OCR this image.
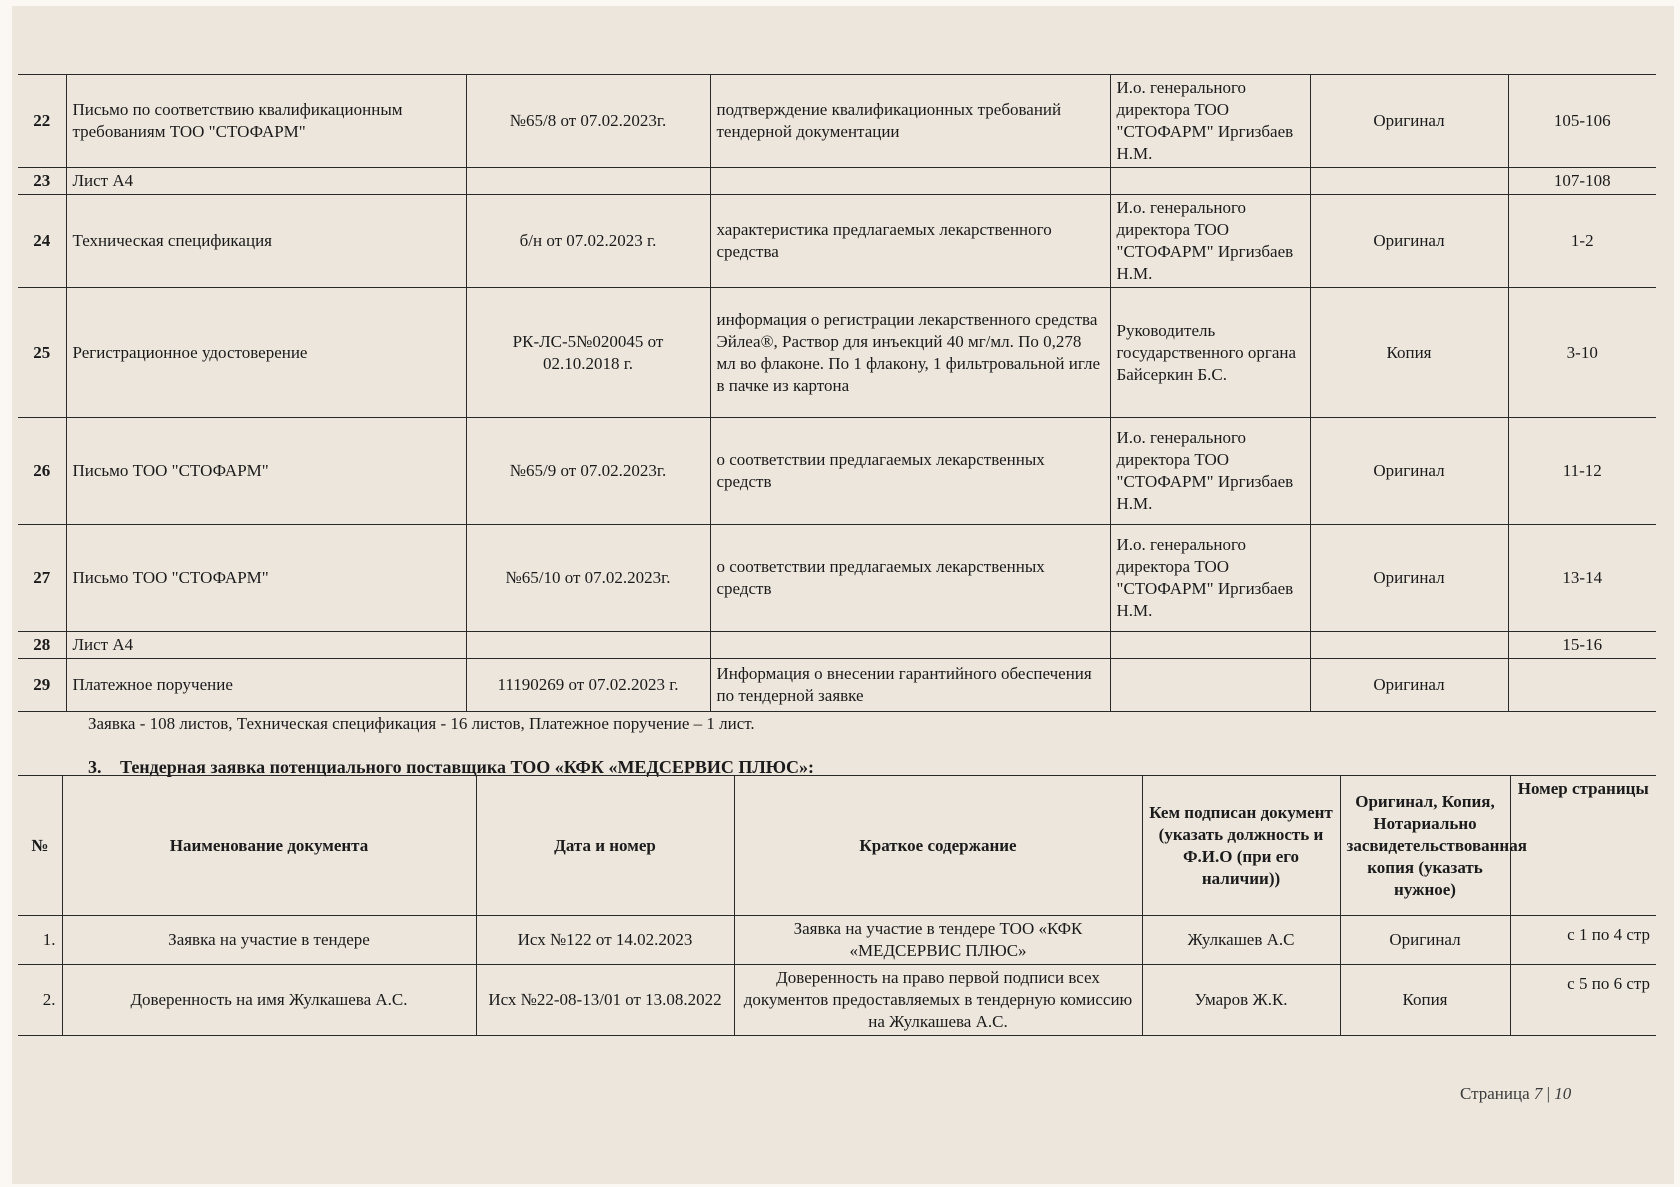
22	Письмо по соответствию квалификационным требованиям ТОО "СТОФАРМ"	№65/8 от 07.02.2023г.	подтверждение квалификационных требований тендерной документации	И.о. генерального директора ТОО "СТОФАРМ" Иргизбаев Н.М.	Оригинал	105-106
23	Лист А4					107-108
24	Техническая спецификация	б/н от 07.02.2023 г.	характеристика предлагаемых лекарственного средства	И.о. генерального директора ТОО "СТОФАРМ" Иргизбаев Н.М.	Оригинал	1-2
25	Регистрационное удостоверение	РК-ЛС-5№020045 от 02.10.2018 г.	информация о регистрации лекарственного средства Эйлеа®, Раствор для инъекций 40 мг/мл. По 0,278 мл во флаконе. По 1 флакону, 1 фильтровальной игле в пачке из картона	Руководитель государственного органа Байсеркин Б.С.	Копия	3-10
26	Письмо ТОО "СТОФАРМ"	№65/9 от 07.02.2023г.	о соответствии предлагаемых лекарственных средств	И.о. генерального директора ТОО "СТОФАРМ" Иргизбаев Н.М.	Оригинал	11-12
27	Письмо ТОО "СТОФАРМ"	№65/10 от 07.02.2023г.	о соответствии предлагаемых лекарственных средств	И.о. генерального директора ТОО "СТОФАРМ" Иргизбаев Н.М.	Оригинал	13-14
28	Лист А4					15-16
29	Платежное поручение	11190269 от 07.02.2023 г.	Информация о внесении гарантийного обеспечения по тендерной заявке		Оригинал	
Заявка - 108 листов, Техническая спецификация - 16 листов, Платежное поручение – 1 лист.
3. Тендерная заявка потенциального поставщика ТОО «КФК «МЕДСЕРВИС ПЛЮС»:
№	Наименование документа	Дата и номер	Краткое содержание	Кем подписан документ (указать должность и Ф.И.О (при его наличии))	Оригинал, Копия, Нотариально засвидетельствованная копия (указать нужное)	Номер страницы
1.	Заявка на участие в тендере	Исх №122 от 14.02.2023	Заявка на участие в тендере ТОО «КФК «МЕДСЕРВИС ПЛЮС»	Жулкашев А.С	Оригинал	с 1 по 4 стр
2.	Доверенность на имя Жулкашева А.С.	Исх №22-08-13/01 от 13.08.2022	Доверенность на право первой подписи всех документов предоставляемых в тендерную комиссию на Жулкашева А.С.	Умаров Ж.К.	Копия	с 5 по 6 стр
Страница 7 | 10
